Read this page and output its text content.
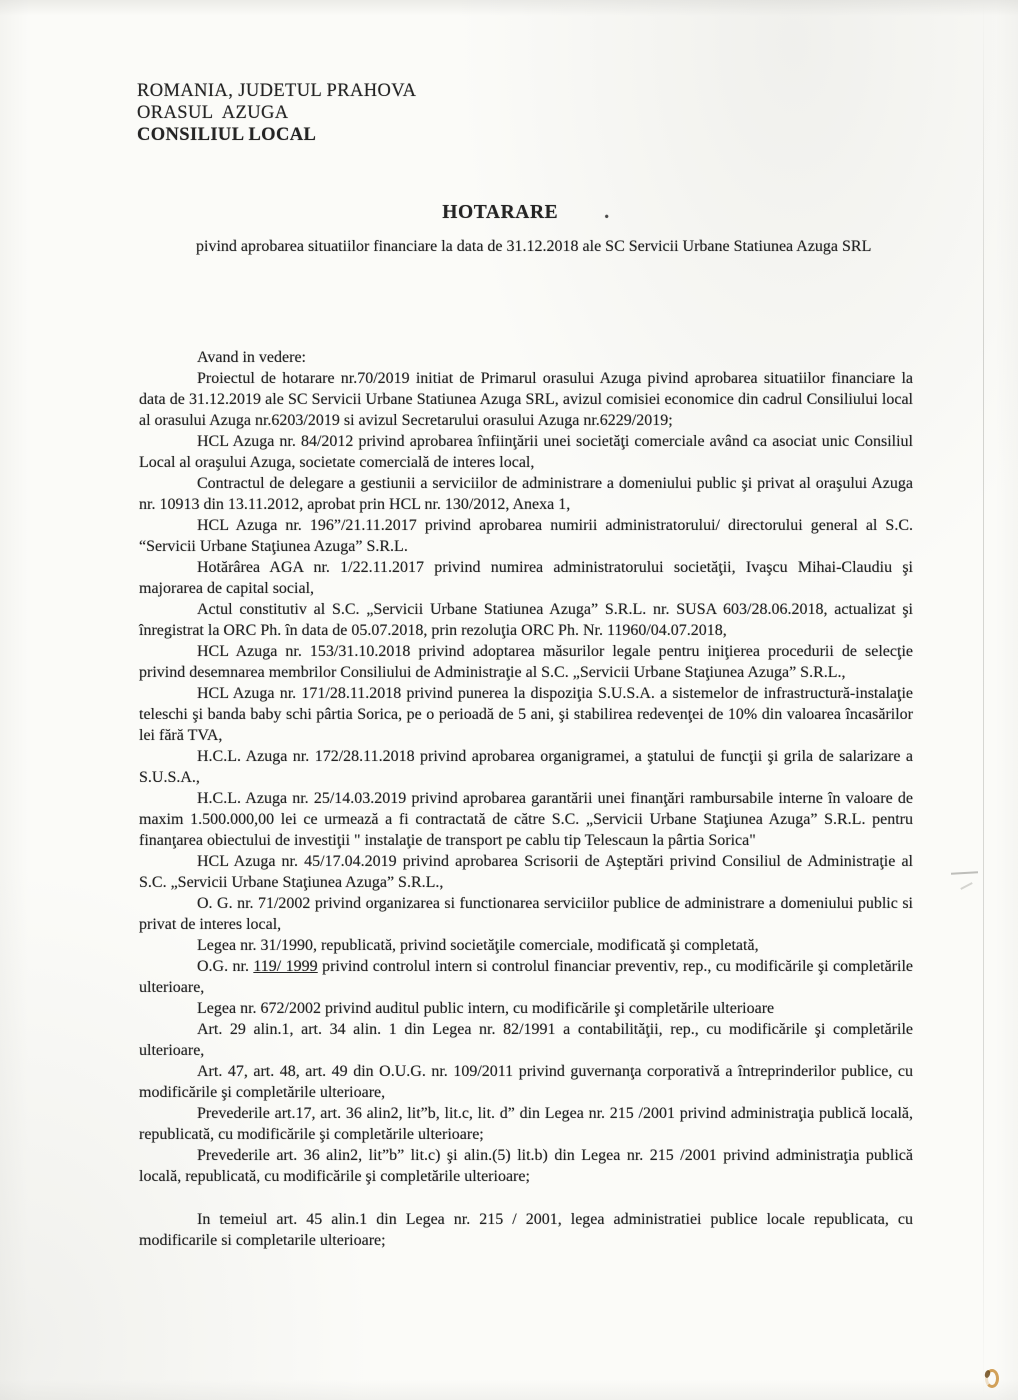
ROMANIA, JUDETUL PRAHOVA
ORASUL  AZUGA
CONSILIUL LOCAL
HOTARARE .
pivind aprobarea situatiilor financiare la data de 31.12.2018 ale SC Servicii Urbane Statiunea Azuga SRL

Avand in vedere:

Proiectul de hotarare nr.70/2019 initiat de Primarul orasului Azuga pivind aprobarea situatiilor financiare la data de 31.12.2019 ale SC Servicii Urbane Statiunea Azuga SRL, avizul comisiei economice din cadrul Consiliului local al orasului Azuga nr.6203/2019 si avizul Secretarului orasului Azuga nr.6229/2019;

HCL Azuga nr. 84/2012 privind aprobarea înfiinţării unei societăţi comerciale având ca asociat unic Consiliul Local al oraşului Azuga, societate comercială de interes local,

Contractul de delegare a gestiunii a serviciilor de administrare a domeniului public şi privat al oraşului Azuga nr. 10913 din 13.11.2012, aprobat prin HCL nr. 130/2012, Anexa 1,

HCL Azuga nr. 196”/21.11.2017 privind aprobarea numirii administratorului/ directorului general al S.C. “Servicii Urbane Staţiunea Azuga” S.R.L.

Hotărârea AGA nr. 1/22.11.2017 privind numirea administratorului societăţii, Ivaşcu Mihai-Claudiu şi majorarea de capital social,

Actul constitutiv al S.C. „Servicii Urbane Statiunea Azuga” S.R.L. nr. SUSA 603/28.06.2018, actualizat şi înregistrat la ORC Ph. în data de 05.07.2018, prin rezoluţia ORC Ph. Nr. 11960/04.07.2018,

HCL Azuga nr. 153/31.10.2018 privind adoptarea măsurilor legale pentru iniţierea procedurii de selecţie privind desemnarea membrilor Consiliului de Administraţie al S.C. „Servicii Urbane Staţiunea Azuga” S.R.L.,

HCL Azuga nr. 171/28.11.2018 privind punerea la dispoziţia S.U.S.A. a sistemelor de infrastructură-instalaţie teleschi şi banda baby schi pârtia Sorica, pe o perioadă de 5 ani, şi stabilirea redevenţei de 10% din valoarea încasărilor lei fără TVA,

H.C.L. Azuga nr. 172/28.11.2018 privind aprobarea organigramei, a ştatului de funcţii şi grila de salarizare a S.U.S.A.,

H.C.L. Azuga nr. 25/14.03.2019 privind aprobarea garantării unei finanţări rambursabile interne în valoare de maxim 1.500.000,00 lei ce urmează a fi contractată de către S.C. „Servicii Urbane Staţiunea Azuga” S.R.L. pentru finanţarea obiectului de investiţii " instalaţie de transport pe cablu tip Telescaun la pârtia Sorica"

HCL Azuga nr. 45/17.04.2019 privind aprobarea Scrisorii de Aşteptări privind Consiliul de Administraţie al S.C. „Servicii Urbane Staţiunea Azuga” S.R.L.,

O. G. nr. 71/2002 privind organizarea si functionarea serviciilor publice de administrare a domeniului public si privat de interes local,

Legea nr. 31/1990, republicată, privind societăţile comerciale, modificată şi completată,

O.G. nr. 119/ 1999 privind controlul intern si controlul financiar preventiv, rep., cu modificările şi completările ulterioare,

Legea nr. 672/2002 privind auditul public intern, cu modificările şi completările ulterioare

Art. 29 alin.1, art. 34 alin. 1 din Legea nr. 82/1991 a contabilităţii, rep., cu modificările şi completările ulterioare,

Art. 47, art. 48, art. 49 din O.U.G. nr. 109/2011 privind guvernanţa corporativă a întreprinderilor publice, cu modificările şi completările ulterioare,

Prevederile art.17, art. 36 alin2, lit”b, lit.c, lit. d” din Legea nr. 215 /2001 privind administraţia publică locală, republicată, cu modificările şi completările ulterioare;

Prevederile art. 36 alin2, lit”b” lit.c) şi alin.(5) lit.b) din Legea nr. 215 /2001 privind administraţia publică locală, republicată, cu modificările şi completările ulterioare;

In temeiul art. 45 alin.1 din Legea nr. 215 / 2001, legea administratiei publice locale republicata, cu modificarile si completarile ulterioare;
